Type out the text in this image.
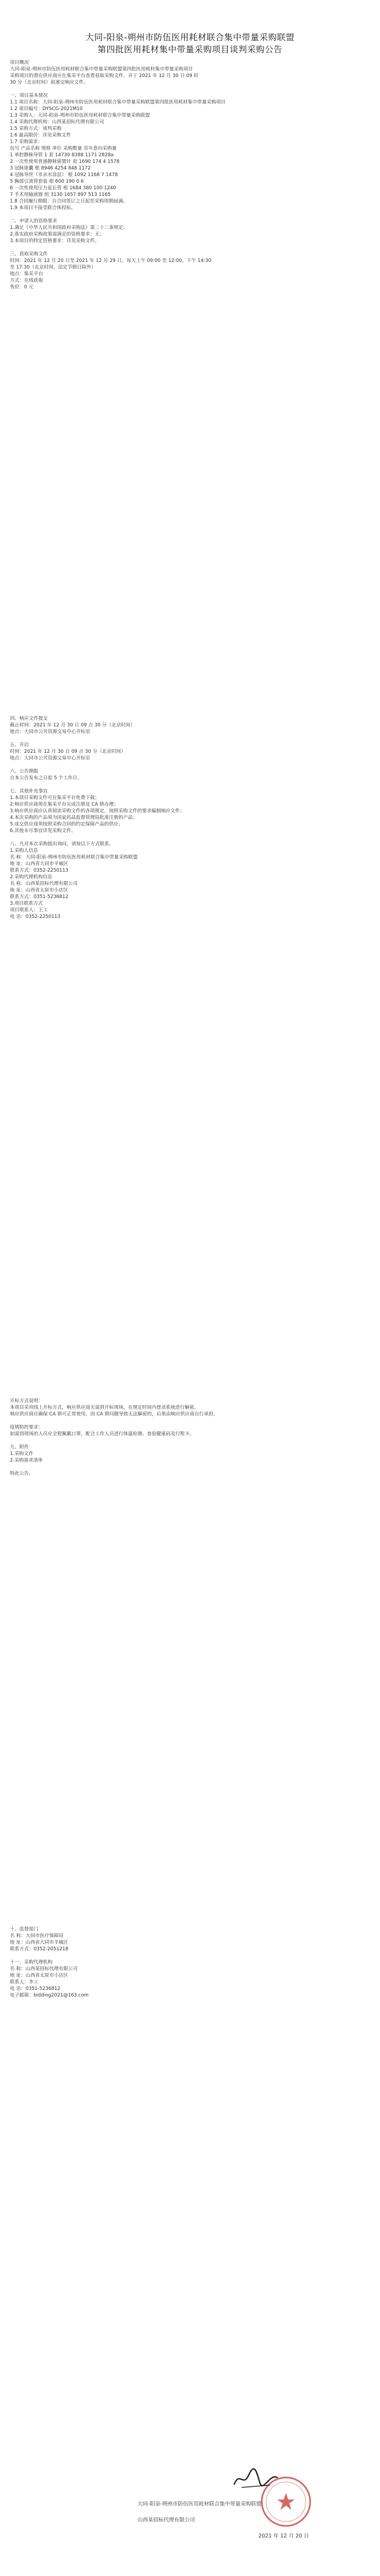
大同-阳泉-朔州市防伍医用耗材联合集中带量采购联盟
第四批医用耗材集中带量采购项目谈判采购公告
项目概况
大同-阳泉-朔州市防伍医用耗材联合集中带量采购联盟第四批医用耗材集中带量采购项目
采购项目的潜在供应商应在集采平台查看获取采购文件，并于 2021 年 12 月 30 日 09 时
30 分（北京时间）前递交响应文件。
一、项目基本情况
1.1 项目名称：大同-阳泉-朔州市防伍医用耗材联合集中带量采购联盟第四批医用耗材集中带量采购项目
1.2 项目编号：DYSCG-2021M10
1.3 采购人：大同-阳泉-朔州市防伍医用耗材联合集中带量采购联盟
1.4 采购代理机构：山西某招标代理有限公司
1.5 采购方式：谈判采购
1.6 最高限价：详见采购文件
1.7 采购需求：
包号 产品名称 规格 单位 采购数量 首年意向采购量
1 单腔静脉导管 1 套 14730 8388 1171 2828a
2 一次性使用普通静脉留置针 套 1690 174 4 1578
3 冠脉球囊 根 8946 4254 848 1172
4 冠脉导丝（非亲水涂层） 根 1092 1168 7 1478
5 胸部引流管套装 根 600 190 0 6
6 一次性使用压力延长管 根 1684 380 100 1240
7 手术用输液器 组 3130 1657 897 513 1165
1.8 合同履行期限：自合同签订之日起至采购周期届满。
1.9 本项目不接受联合体投标。
二、申请人的资格要求
1.满足《中华人民共和国政府采购法》第二十二条规定；
2.落实政府采购政策需满足的资格要求：无；
3.本项目的特定资格要求：详见采购文件。
三、获取采购文件
时间：2021 年 12 月 20 日至 2021 年 12 月 29 日，每天上午 09:00 至 12:00，下午 14:30
至 17:30（北京时间，法定节假日除外）
地点：集采平台
方式：在线获取
售价：0 元
四、响应文件提交
截止时间：2021 年 12 月 30 日 09 点 30 分（北京时间）
地点：大同市公共资源交易中心开标室
五、开启
时间：2021 年 12 月 30 日 09 点 30 分（北京时间）
地点：大同市公共资源交易中心开标室
六、公告期限
自本公告发布之日起 5 个工作日。
七、其他补充事宜
1.本项目采购文件可在集采平台免费下载；
2.响应供应商须在集采平台完成注册及 CA 锁办理；
3.响应供应商应认真阅读采购文件的各项规定，按照采购文件的要求编制响应文件；
4.本次采购的产品须为国家药品监督管理局批准注册的产品；
5.成交供应商须按照采购合同的约定保障产品的供应；
6.其他未尽事宜详见采购文件。
八、凡对本次采购提出询问，请按以下方式联系。
1.采购人信息
名 称：大同-阳泉-朔州市防伍医用耗材联合集中带量采购联盟
地 址：山西省大同市平城区
联系方式：0352-2250113
2.采购代理机构信息
名 称：山西某招标代理有限公司
地 址：山西省太原市小店区
联系方式：0351-5236812
3.项目联系方式
项目联系人：王工
电 话：0352-2250113
开标方式说明：
本项目采用线上开标方式，响应供应商无需到开标现场，在规定时间内登录系统进行解密。
响应供应商应确保 CA 锁可正常使用，因 CA 锁问题导致无法解密的，后果由响应供应商自行承担。
疫情防控要求：
如需到现场的人员应全程佩戴口罩，配合工作人员进行体温检测、查验健康码及行程卡。
九、附件
1.采购文件
2.采购需求清单
特此公告。
十、监督部门
名 称：大同市医疗保障局
地 址：山西省大同市平城区
联系方式：0352-2051218
十一、采购代理机构
名 称：山西某招标代理有限公司
地 址：山西省太原市小店区
联系人：李工
电 话：0351-5236812
电子邮箱：bidding2021@163.com
大同-阳泉-朔州市防伍医用耗材联合集中带量采购联盟
山西某招标代理有限公司
2021 年 12 月 20 日
